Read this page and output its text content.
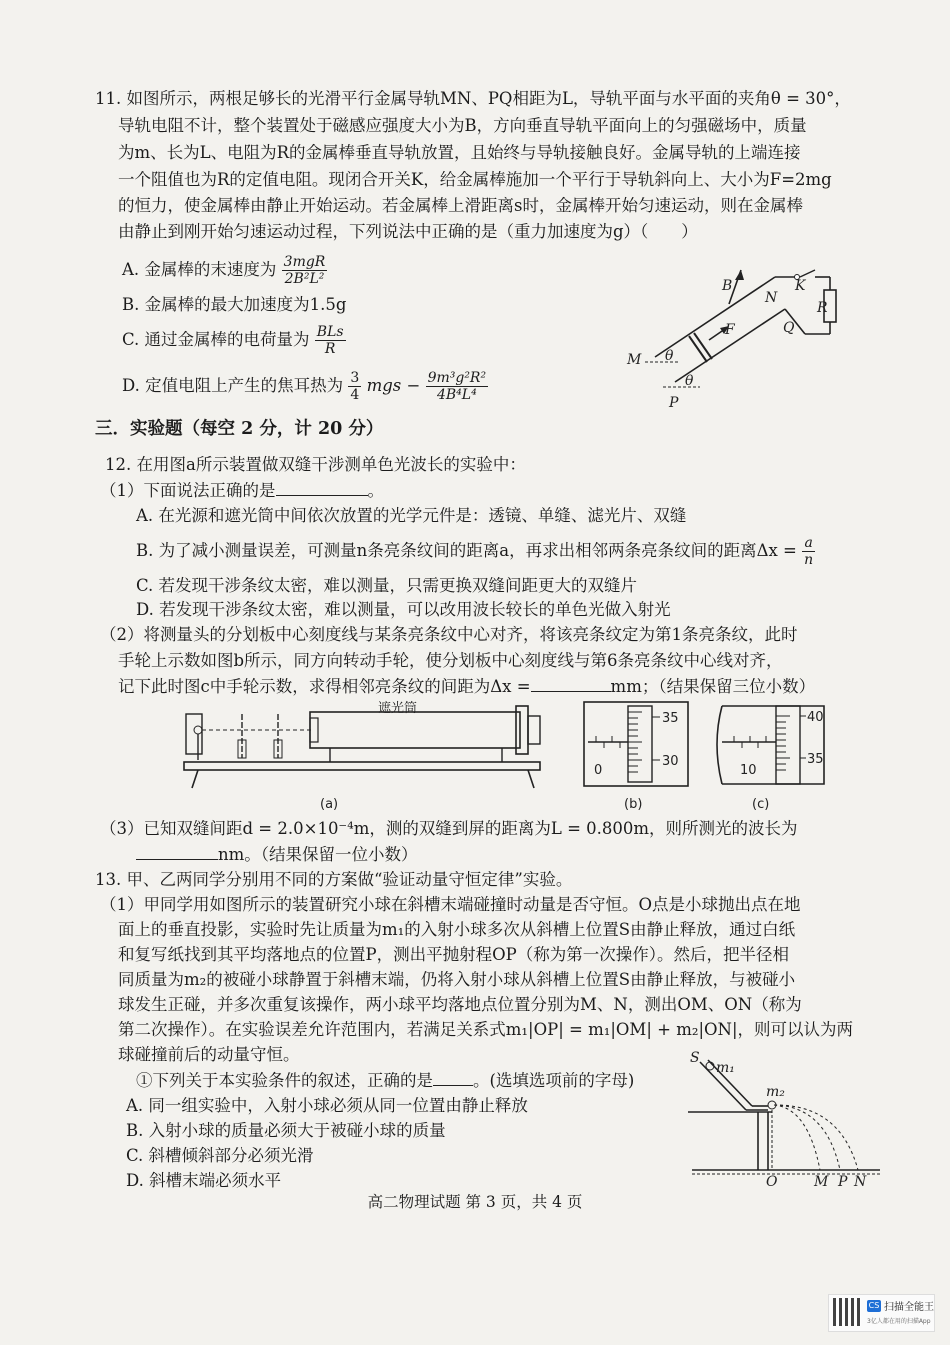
11. 如图所示，两根足够长的光滑平行金属导轨MN、PQ相距为L，导轨平面与水平面的夹角θ = 30°，
导轨电阻不计，整个装置处于磁感应强度大小为B，方向垂直导轨平面向上的匀强磁场中，质量
为m、长为L、电阻为R的金属棒垂直导轨放置，且始终与导轨接触良好。金属导轨的上端连接
一个阻值也为R的定值电阻。现闭合开关K，给金属棒施加一个平行于导轨斜向上、大小为F=2mg
的恒力，使金属棒由静止开始运动。若金属棒上滑距离s时，金属棒开始匀速运动，则在金属棒
由静止到刚开始匀速运动过程，下列说法中正确的是（重力加速度为g）（　　）
A. 金属棒的末速度为 $\frac{\text{3mgR}}{\text{2B²L²}}$
B. 金属棒的最大加速度为1.5g
C. 通过金属棒的电荷量为 $\frac{\text{BLs}}{R}$
D. 定值电阻上产生的焦耳热为 $\frac{3}{4}$ mgs − $\frac{\text{9m³g²R²}}{\text{4B⁴L⁴}}$
B
N
K
R
F	Q
M θ
θ
P
三．实验题（每空 2 分，计 20 分）
12. 在用图a所示装置做双缝干涉测单色光波长的实验中：
（1）下面说法正确的是	。
A. 在光源和遮光筒中间依次放置的光学元件是：透镜、单缝、滤光片、双缝
B. 为了减小测量误差，可测量n条亮条纹间的距离a，再求出相邻两条亮条纹间的距离$\Delta x = \frac{a}{n}$
C. 若发现干涉条纹太密，难以测量，只需更换双缝间距更大的双缝片
D. 若发现干涉条纹太密，难以测量，可以改用波长较长的单色光做入射光
（2）将测量头的分划板中心刻度线与某条亮条纹中心对齐，将该亮条纹定为第1条亮条纹，此时
手轮上示数如图b所示，同方向转动手轮，使分划板中心刻度线与第6条亮条纹中心线对齐，
记下此时图c中手轮示数，求得相邻亮条纹的间距为Δx =	mm；（结果保留三位小数）
遮光筒
(a)
35
30
0
(b)
40
35
10
(c)
（3）已知双缝间距d = 2.0×10⁻⁴m，测的双缝到屏的距离为L = 0.800m，则所测光的波长为
nm。（结果保留一位小数）
13. 甲、乙两同学分别用不同的方案做“验证动量守恒定律”实验。
（1）甲同学用如图所示的装置研究小球在斜槽末端碰撞时动量是否守恒。O点是小球抛出点在地
面上的垂直投影，实验时先让质量为m₁的入射小球多次从斜槽上位置S由静止释放，通过白纸
和复写纸找到其平均落地点的位置P，测出平抛射程OP（称为第一次操作）。然后，把半径相
同质量为m₂的被碰小球静置于斜槽末端，仍将入射小球从斜槽上位置S由静止释放，与被碰小
球发生正碰，并多次重复该操作，两小球平均落地点位置分别为M、N，测出OM、ON（称为
第二次操作）。在实验误差允许范围内，若满足关系式m₁|OP| = m₁|OM| + m₂|ON|，则可以认为两
球碰撞前后的动量守恒。
①下列关于本实验条件的叙述，正确的是 。(选填选项前的字母)
A. 同一组实验中，入射小球必须从同一位置由静止释放
B. 入射小球的质量必须大于被碰小球的质量
C. 斜槽倾斜部分必须光滑
D. 斜槽末端必须水平
S
m₁
m₂
O	M P N
高二物理试题 第 3 页，共 4 页
CS 扫描全能王
3亿人都在用的扫描App
